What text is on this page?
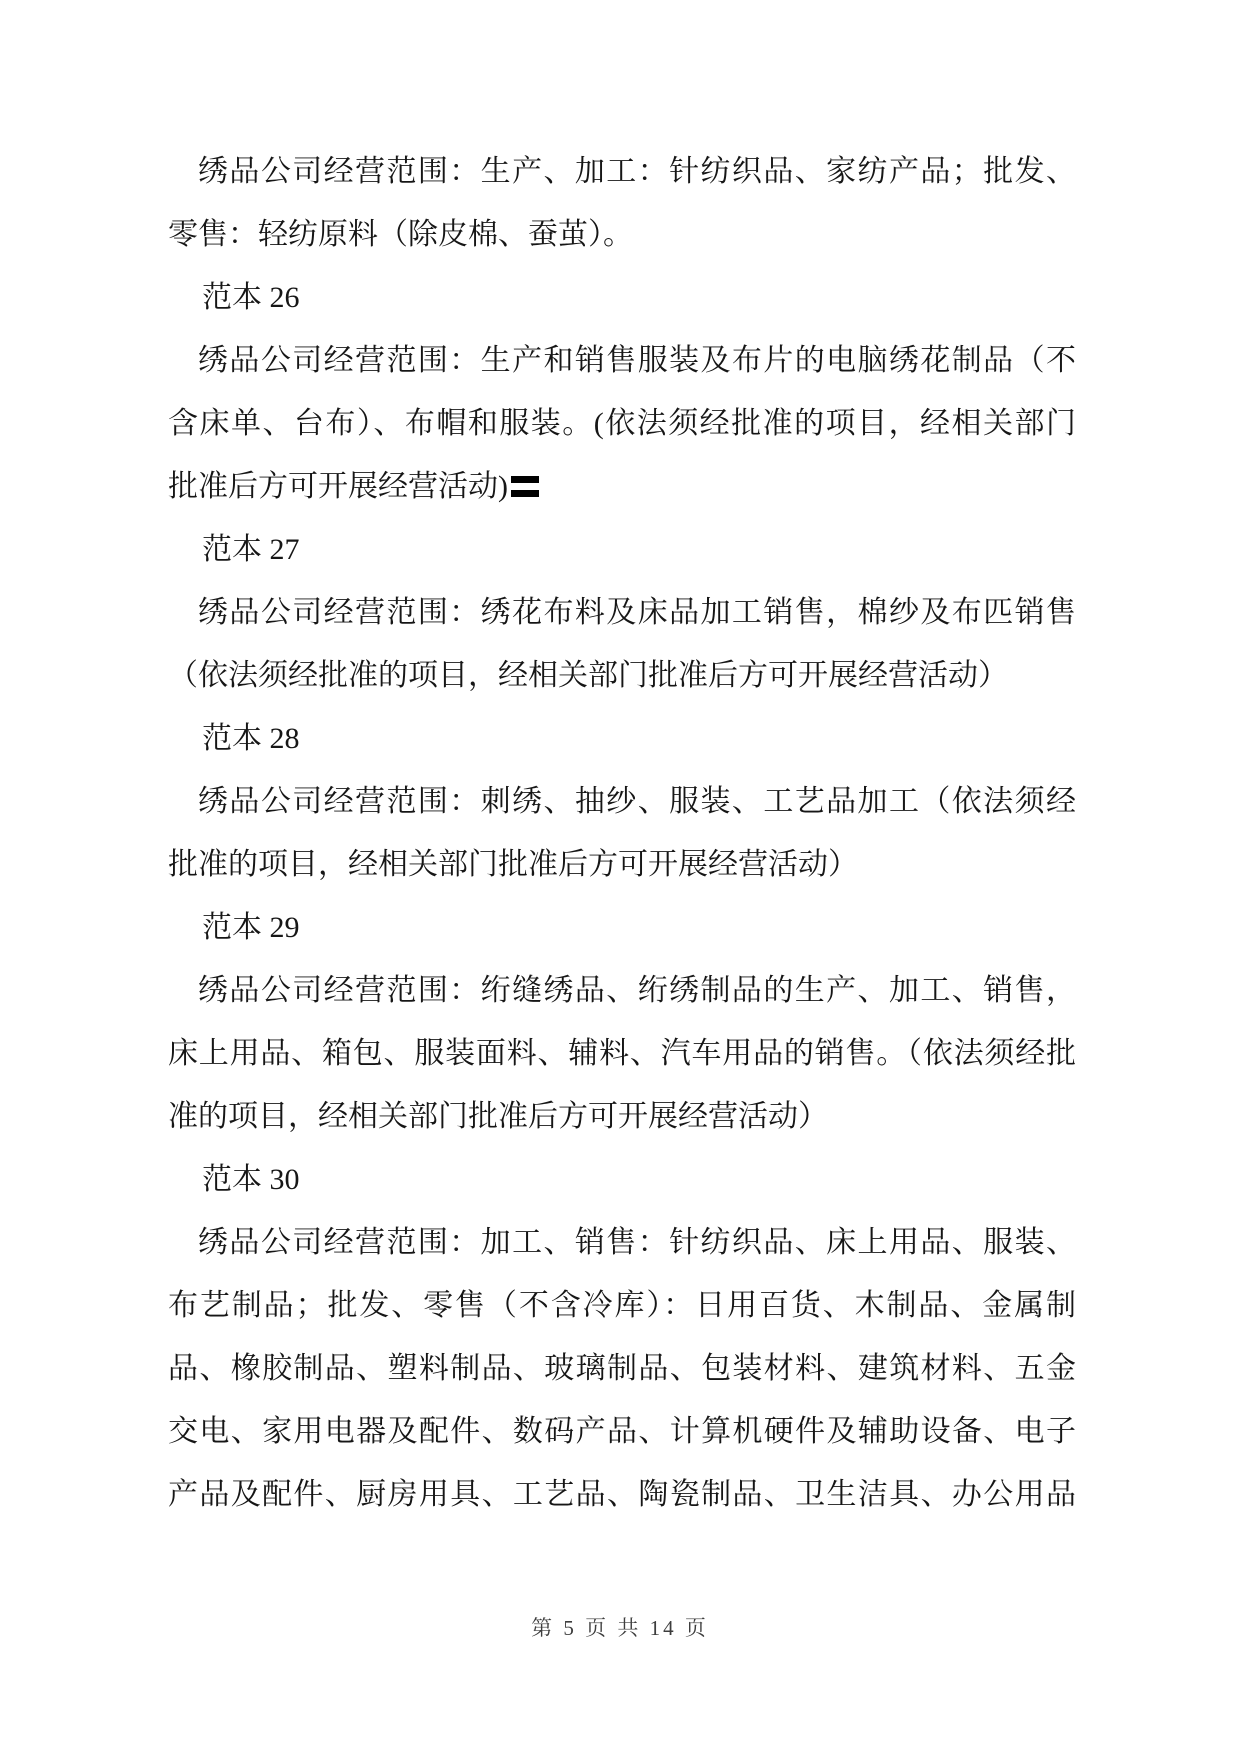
绣品公司经营范围：生产、加工：针纺织品、家纺产品；批发、
零售：轻纺原料（除皮棉、蚕茧）。
范本 26
绣品公司经营范围：生产和销售服装及布片的电脑绣花制品（不
含床单、台布）、布帽和服装。(依法须经批准的项目，经相关部门
批准后方可开展经营活动)
范本 27
绣品公司经营范围：绣花布料及床品加工销售，棉纱及布匹销售
（依法须经批准的项目，经相关部门批准后方可开展经营活动）
范本 28
绣品公司经营范围：刺绣、抽纱、服装、工艺品加工（依法须经
批准的项目，经相关部门批准后方可开展经营活动）
范本 29
绣品公司经营范围：绗缝绣品、绗绣制品的生产、加工、销售，
床上用品、箱包、服装面料、辅料、汽车用品的销售。（依法须经批
准的项目，经相关部门批准后方可开展经营活动）
范本 30
绣品公司经营范围：加工、销售：针纺织品、床上用品、服装、
布艺制品；批发、零售（不含冷库）：日用百货、木制品、金属制
品、橡胶制品、塑料制品、玻璃制品、包装材料、建筑材料、五金
交电、家用电器及配件、数码产品、计算机硬件及辅助设备、电子
产品及配件、厨房用具、工艺品、陶瓷制品、卫生洁具、办公用品
第 5 页 共 14 页
